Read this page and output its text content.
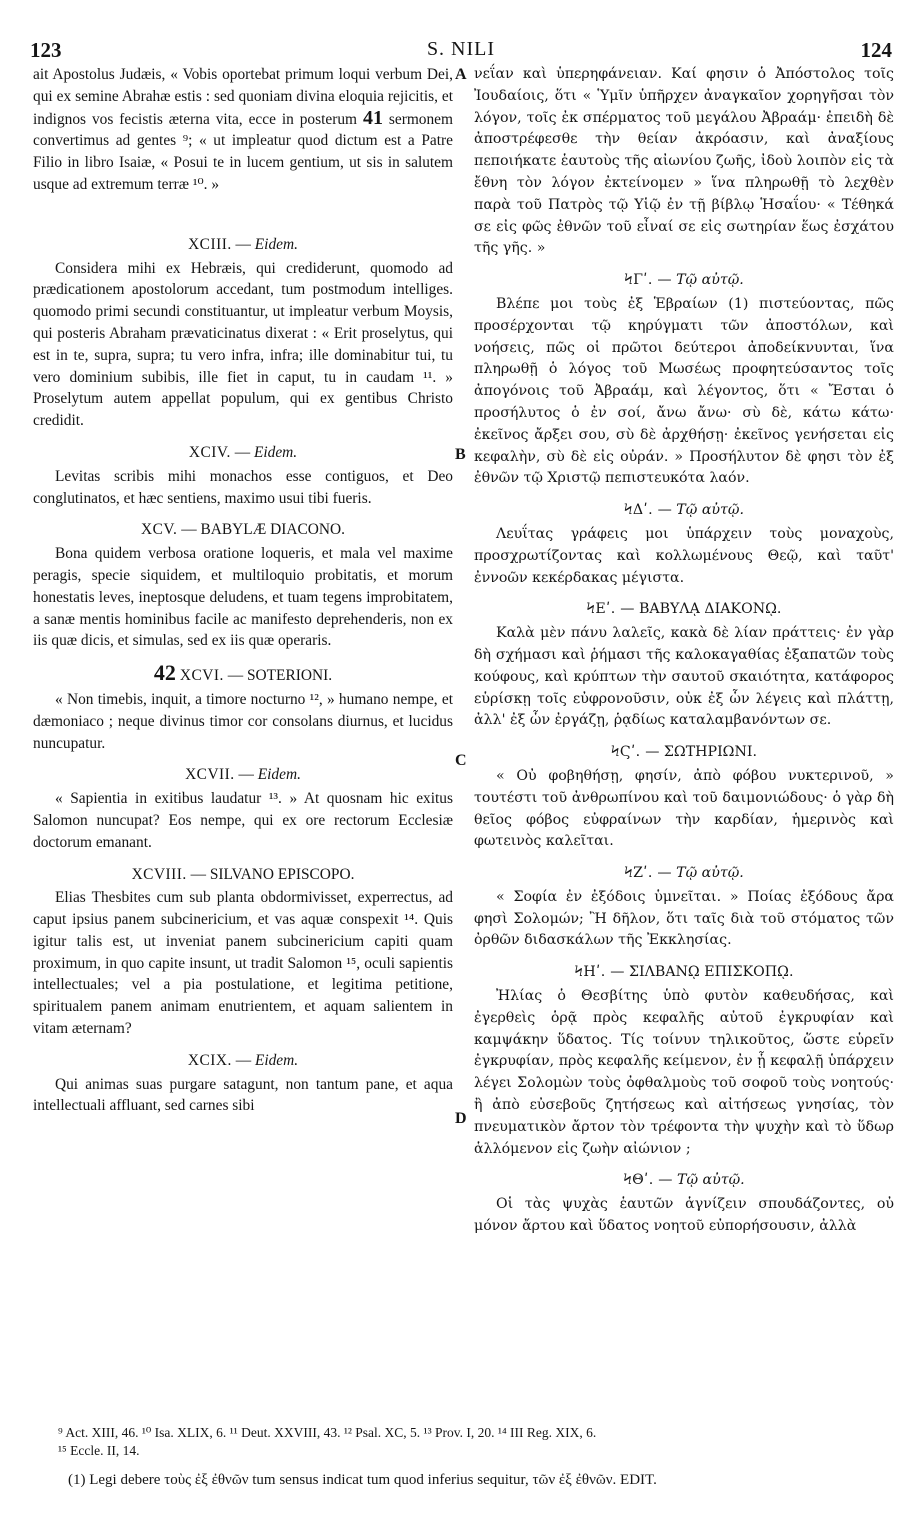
123	S. NILI	124

ait Apostolus Judæis, « Vobis oportebat primum loqui verbum Dei, qui ex semine Abrahæ estis : sed quoniam divina eloquia rejicitis, et indignos vos fecistis æterna vita, ecce in posterum 41 sermonem convertimus ad gentes ⁹; « ut impleatur quod dictum est a Patre Filio in libro Isaiæ, « Posui te in lucem gentium, ut sis in salutem usque ad extremum terræ ¹⁰. »

XCIII. — Eidem.

Considera mihi ex Hebræis, qui crediderunt, quomodo ad prædicationem apostolorum accedant, tum postmodum intelliges. quomodo primi secundi constituantur, ut impleatur verbum Moysis, qui posteris Abraham prævaticinatus dixerat : « Erit proselytus, qui est in te, supra, supra; tu vero infra, infra; ille dominabitur tui, tu vero dominium subibis, ille fiet in caput, tu in caudam ¹¹. » Proselytum autem appellat populum, qui ex gentibus Christo credidit.

XCIV. — Eidem.

Levitas scribis mihi monachos esse contiguos, et Deo conglutinatos, et hæc sentiens, maximo usui tibi fueris.

XCV. — BABYLÆ DIACONO.

Bona quidem verbosa oratione loqueris, et mala vel maxime peragis, specie siquidem, et multiloquio probitatis, et morum honestatis leves, ineptosque deludens, et tuam tegens improbitatem, a sanæ mentis hominibus facile ac manifesto deprehenderis, non ex iis quæ dicis, et simulas, sed ex iis quæ operaris.

42 XCVI. — SOTERIONI.

« Non timebis, inquit, a timore nocturno ¹², » humano nempe, et dæmoniaco ; neque divinus timor cor consolans diurnus, et lucidus nuncupatur.

XCVII. — Eidem.

« Sapientia in exitibus laudatur ¹³. » At quosnam hic exitus Salomon nuncupat? Eos nempe, qui ex ore rectorum Ecclesiæ doctorum emanant.

XCVIII. — SILVANO EPISCOPO.

Elias Thesbites cum sub planta obdormivisset, experrectus, ad caput ipsius panem subcinericium, et vas aquæ conspexit ¹⁴. Quis igitur talis est, ut inveniat panem subcinericium capiti quam proximum, in quo capite insunt, ut tradit Salomon ¹⁵, oculi sapientis intellectuales; vel a pia postulatione, et legitima petitione, spiritualem panem animam enutrientem, et aquam salientem in vitam æternam?

XCIX. — Eidem.

Qui animas suas purgare satagunt, non tantum pane, et aqua intellectuali affluant, sed carnes sibi

A
B
C
D

νεΐαν καὶ ὑπερηφάνειαν. Καί φησιν ὁ Ἀπόστολος τοῖς Ἰουδαίοις, ὅτι « Ὑμῖν ὑπῆρχεν ἀναγκαῖον χορηγῆσαι τὸν λόγον, τοῖς ἐκ σπέρματος τοῦ μεγάλου Ἀβραάμ· ἐπειδὴ δὲ ἀποστρέφεσθε τὴν θείαν ἀκρόασιν, καὶ ἀναξίους πεποιήκατε ἑαυτοὺς τῆς αἰωνίου ζωῆς, ἰδοὺ λοιπὸν εἰς τὰ ἔθνη τὸν λόγον ἐκτείνομεν » ἵνα πληρωθῇ τὸ λεχθὲν παρὰ τοῦ Πατρὸς τῷ Υἱῷ ἐν τῇ βίβλῳ Ἡσαΐου· « Τέθηκά σε εἰς φῶς ἐθνῶν τοῦ εἶναί σε εἰς σωτηρίαν ἕως ἐσχάτου τῆς γῆς. »

ϞΓʹ. — Τῷ αὐτῷ.

Βλέπε μοι τοὺς ἐξ Ἑβραίων (1) πιστεύοντας, πῶς προσέρχονται τῷ κηρύγματι τῶν ἀποστόλων, καὶ νοήσεις, πῶς οἱ πρῶτοι δεύτεροι ἀποδείκνυνται, ἵνα πληρωθῇ ὁ λόγος τοῦ Μωσέως προφητεύσαντος τοῖς ἀπογόνοις τοῦ Ἀβραάμ, καὶ λέγοντος, ὅτι « Ἔσται ὁ προσήλυτος ὁ ἐν σοί, ἄνω ἄνω· σὺ δὲ, κάτω κάτω· ἐκεῖνος ἄρξει σου, σὺ δὲ ἀρχθήσῃ· ἐκεῖνος γενήσεται εἰς κεφαλὴν, σὺ δὲ εἰς οὐράν. » Προσήλυτον δὲ φησι τὸν ἐξ ἐθνῶν τῷ Χριστῷ πεπιστευκότα λαόν.

ϞΔʹ. — Τῷ αὐτῷ.

Λευΐτας γράφεις μοι ὑπάρχειν τοὺς μοναχοὺς, προσχρωτίζοντας καὶ κολλωμένους Θεῷ, καὶ ταῦτ' ἐννοῶν κεκέρδακας μέγιστα.

ϞΕʹ. — ΒΑΒΥΛᾼ ΔΙΑΚΟΝῼ.

Καλὰ μὲν πάνυ λαλεῖς, κακὰ δὲ λίαν πράττεις· ἐν γὰρ δὴ σχήμασι καὶ ῥήμασι τῆς καλοκαγαθίας ἐξαπατῶν τοὺς κούφους, καὶ κρύπτων τὴν σαυτοῦ σκαιότητα, κατάφορος εὑρίσκῃ τοῖς εὐφρονοῦσιν, οὐκ ἐξ ὧν λέγεις καὶ πλάττῃ, ἀλλ' ἐξ ὧν ἐργάζῃ, ῥᾳδίως καταλαμβανόντων σε.

ϞϚʹ. — ΣΩΤΗΡΙΩΝΙ.

« Οὐ φοβηθήσῃ, φησίν, ἀπὸ φόβου νυκτερινοῦ, » τουτέστι τοῦ ἀνθρωπίνου καὶ τοῦ δαιμονιώδους· ὁ γὰρ δὴ θεῖος φόβος εὐφραίνων τὴν καρδίαν, ἡμερινὸς καὶ φωτεινὸς καλεῖται.

ϞΖʹ. — Τῷ αὐτῷ.

« Σοφία ἐν ἐξόδοις ὑμνεῖται. » Ποίας ἐξόδους ἄρα φησὶ Σολομών; Ἢ δῆλον, ὅτι ταῖς διὰ τοῦ στόματος τῶν ὀρθῶν διδασκάλων τῆς Ἐκκλησίας.

ϞΗʹ. — ΣΙΛΒΑΝῼ ΕΠΙΣΚΟΠῼ.

Ἠλίας ὁ Θεσβίτης ὑπὸ φυτὸν καθευδήσας, καὶ ἐγερθεὶς ὁρᾷ πρὸς κεφαλῆς αὐτοῦ ἐγκρυφίαν καὶ καμψάκην ὕδατος. Τίς τοίνυν τηλικοῦτος, ὥστε εὑρεῖν ἐγκρυφίαν, πρὸς κεφαλῆς κείμενον, ἐν ᾗ κεφαλῇ ὑπάρχειν λέγει Σολομὼν τοὺς ὀφθαλμοὺς τοῦ σοφοῦ τοὺς νοητούς· ἢ ἀπὸ εὐσεβοῦς ζητήσεως καὶ αἰτήσεως γνησίας, τὸν πνευματικὸν ἄρτον τὸν τρέφοντα τὴν ψυχὴν καὶ τὸ ὕδωρ ἁλλόμενον εἰς ζωὴν αἰώνιον ;

ϞΘʹ. — Τῷ αὐτῷ.

Οἱ τὰς ψυχὰς ἑαυτῶν ἁγνίζειν σπουδάζοντες, οὐ μόνον ἄρτου καὶ ὕδατος νοητοῦ εὐπορήσουσιν, ἀλλὰ

⁹ Act. XIII, 46. ¹⁰ Isa. XLIX, 6. ¹¹ Deut. XXVIII, 43. ¹² Psal. XC, 5. ¹³ Prov. I, 20. ¹⁴ III Reg. XIX, 6.
¹⁵ Eccle. II, 14.
(1) Legi debere τοὺς ἐξ ἐθνῶν tum sensus indicat tum quod inferius sequitur, τῶν ἐξ ἐθνῶν. EDIT.
